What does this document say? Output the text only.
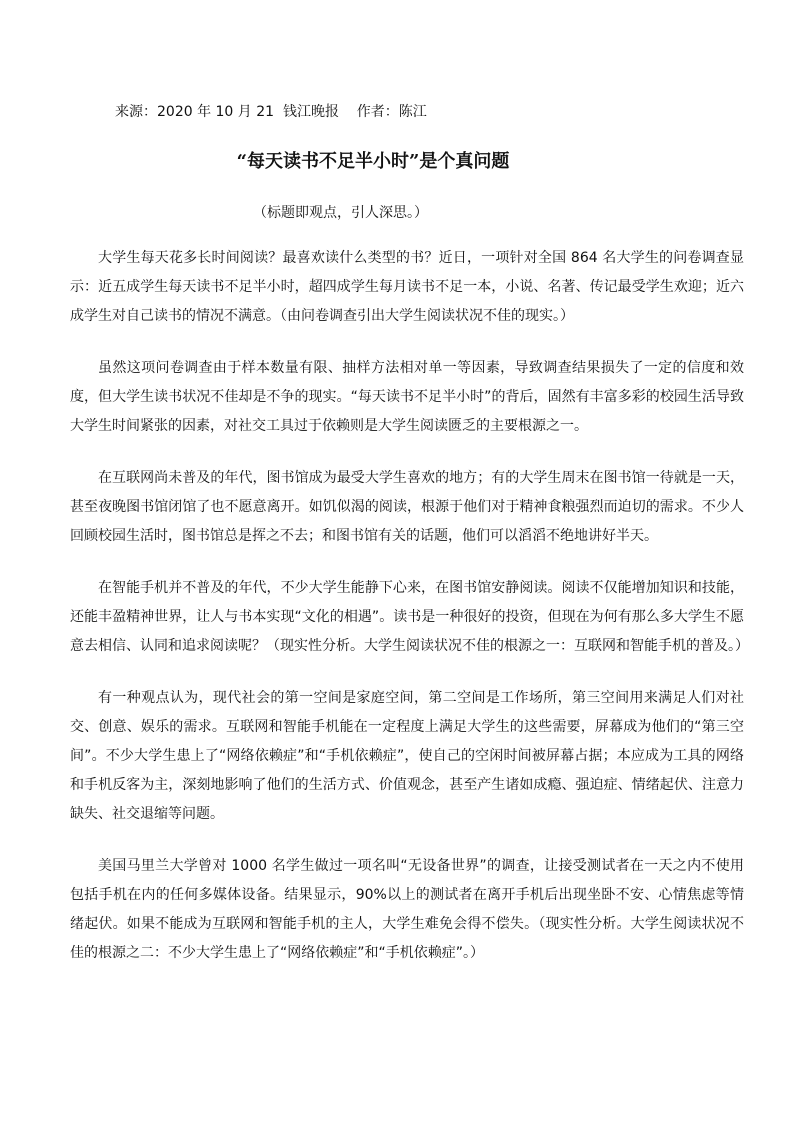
来源：2020 年 10 月 21  钱江晚报    作者：陈江
“每天读书不足半小时”是个真问题
（标题即观点，引人深思。）

大学生每天花多长时间阅读？最喜欢读什么类型的书？近日，一项针对全国 864 名大学生的问卷调查显示：近五成学生每天读书不足半小时，超四成学生每月读书不足一本，小说、名著、传记最受学生欢迎；近六成学生对自己读书的情况不满意。（由问卷调查引出大学生阅读状况不佳的现实。）

虽然这项问卷调查由于样本数量有限、抽样方法相对单一等因素，导致调查结果损失了一定的信度和效度，但大学生读书状况不佳却是不争的现实。“每天读书不足半小时”的背后，固然有丰富多彩的校园生活导致大学生时间紧张的因素，对社交工具过于依赖则是大学生阅读匮乏的主要根源之一。

在互联网尚未普及的年代，图书馆成为最受大学生喜欢的地方；有的大学生周末在图书馆一待就是一天，甚至夜晚图书馆闭馆了也不愿意离开。如饥似渴的阅读，根源于他们对于精神食粮强烈而迫切的需求。不少人回顾校园生活时，图书馆总是挥之不去；和图书馆有关的话题，他们可以滔滔不绝地讲好半天。

在智能手机并不普及的年代，不少大学生能静下心来，在图书馆安静阅读。阅读不仅能增加知识和技能，还能丰盈精神世界，让人与书本实现“文化的相遇”。读书是一种很好的投资，但现在为何有那么多大学生不愿意去相信、认同和追求阅读呢？（现实性分析。大学生阅读状况不佳的根源之一：互联网和智能手机的普及。）

有一种观点认为，现代社会的第一空间是家庭空间，第二空间是工作场所，第三空间用来满足人们对社交、创意、娱乐的需求。互联网和智能手机能在一定程度上满足大学生的这些需要，屏幕成为他们的“第三空间”。不少大学生患上了“网络依赖症”和“手机依赖症”，使自己的空闲时间被屏幕占据；本应成为工具的网络和手机反客为主，深刻地影响了他们的生活方式、价值观念，甚至产生诸如成瘾、强迫症、情绪起伏、注意力缺失、社交退缩等问题。

美国马里兰大学曾对 1000 名学生做过一项名叫“无设备世界”的调查，让接受测试者在一天之内不使用包括手机在内的任何多媒体设备。结果显示，90%以上的测试者在离开手机后出现坐卧不安、心情焦虑等情绪起伏。如果不能成为互联网和智能手机的主人，大学生难免会得不偿失。（现实性分析。大学生阅读状况不佳的根源之二：不少大学生患上了“网络依赖症”和“手机依赖症”。）
